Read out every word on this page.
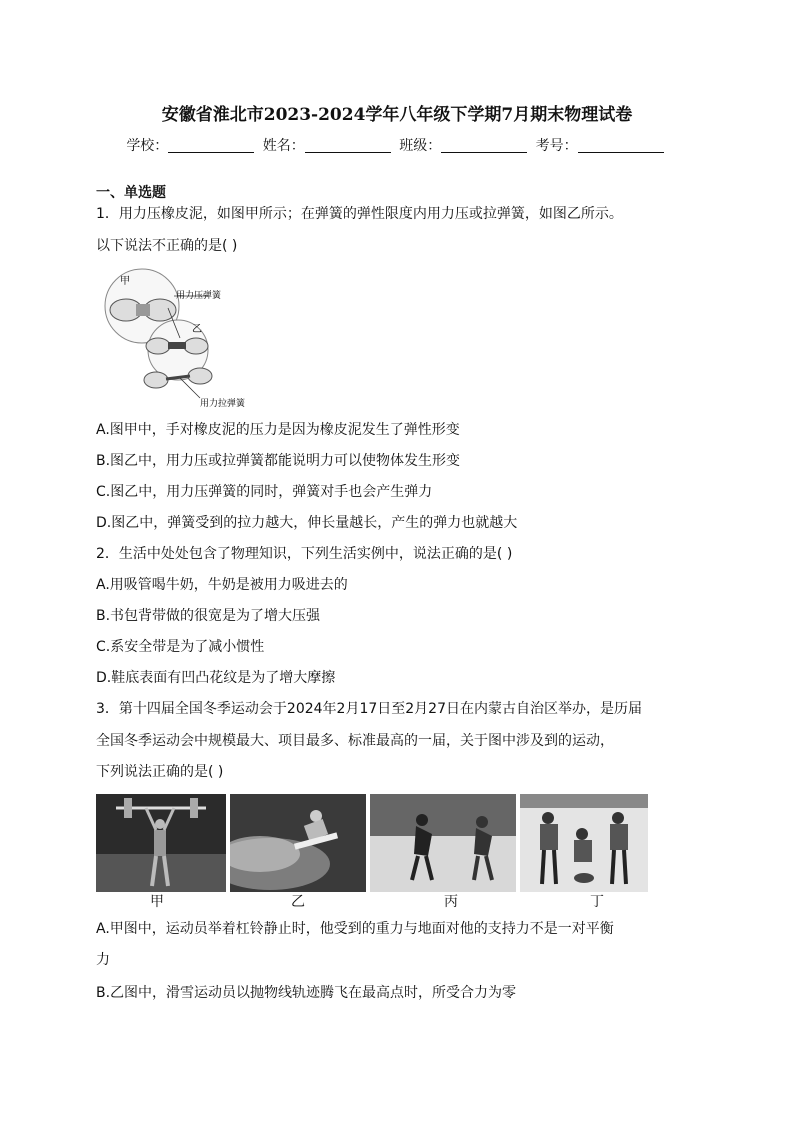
安徽省淮北市2023-2024学年八年级下学期7月期末物理试卷
学校：	姓名：	班级：	考号：
一、单选题
1．用力压橡皮泥，如图甲所示；在弹簧的弹性限度内用力压或拉弹簧，如图乙所示。
以下说法不正确的是( )
甲
用力压弹簧
乙
用力拉弹簧
A.图甲中，手对橡皮泥的压力是因为橡皮泥发生了弹性形变
B.图乙中，用力压或拉弹簧都能说明力可以使物体发生形变
C.图乙中，用力压弹簧的同时，弹簧对手也会产生弹力
D.图乙中，弹簧受到的拉力越大，伸长量越长，产生的弹力也就越大
2．生活中处处包含了物理知识，下列生活实例中，说法正确的是( )
A.用吸管喝牛奶，牛奶是被用力吸进去的
B.书包背带做的很宽是为了增大压强
C.系安全带是为了减小惯性
D.鞋底表面有凹凸花纹是为了增大摩擦
3．第十四届全国冬季运动会于2024年2月17日至2月27日在内蒙古自治区举办，是历届
全国冬季运动会中规模最大、项目最多、标准最高的一届，关于图中涉及到的运动，
下列说法正确的是( )
甲	乙	丙	丁
A.甲图中，运动员举着杠铃静止时，他受到的重力与地面对他的支持力不是一对平衡
力
B.乙图中，滑雪运动员以抛物线轨迹腾飞在最高点时，所受合力为零
